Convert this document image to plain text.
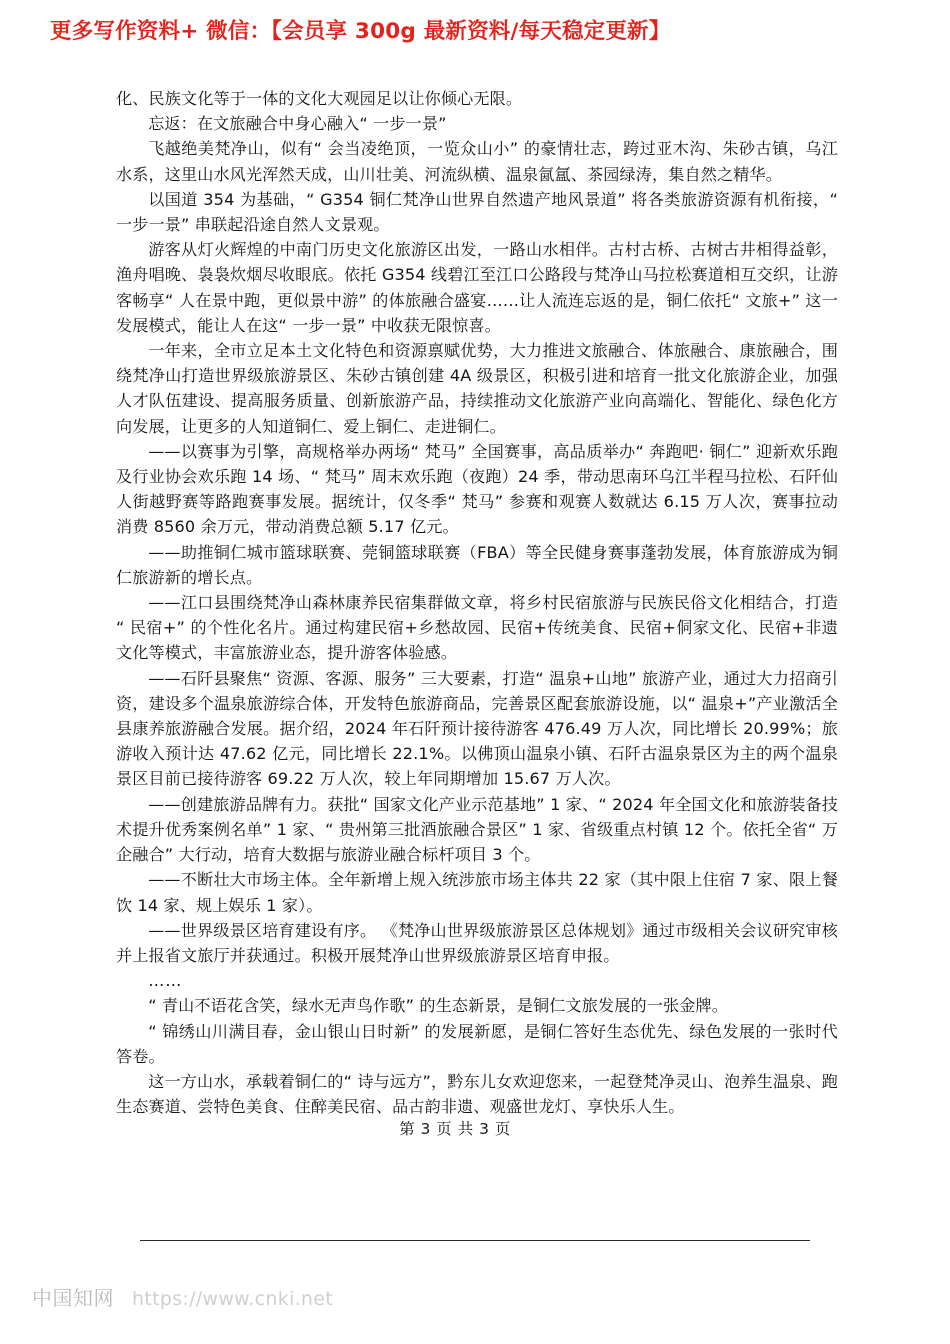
更多写作资料+ 微信：【会员享 300g 最新资料/每天稳定更新】

化、民族文化等于一体的文化大观园足以让你倾心无限。

忘返：在文旅融合中身心融入“ 一步一景”

飞越绝美梵净山，似有“ 会当凌绝顶，一览众山小” 的豪情壮志，跨过亚木沟、朱砂古镇，乌江水系，这里山水风光浑然天成，山川壮美、河流纵横、温泉氤氲、茶园绿涛，集自然之精华。

以国道 354 为基础，“ G354 铜仁梵净山世界自然遗产地风景道” 将各类旅游资源有机衔接，“ 一步一景” 串联起沿途自然人文景观。

游客从灯火辉煌的中南门历史文化旅游区出发，一路山水相伴。古村古桥、古树古井相得益彰，渔舟唱晚、袅袅炊烟尽收眼底。依托 G354 线碧江至江口公路段与梵净山马拉松赛道相互交织，让游客畅享“ 人在景中跑，更似景中游” 的体旅融合盛宴……让人流连忘返的是，铜仁依托“ 文旅+” 这一发展模式，能让人在这“ 一步一景” 中收获无限惊喜。

一年来，全市立足本土文化特色和资源禀赋优势，大力推进文旅融合、体旅融合、康旅融合，围绕梵净山打造世界级旅游景区、朱砂古镇创建 4A 级景区，积极引进和培育一批文化旅游企业，加强人才队伍建设、提高服务质量、创新旅游产品，持续推动文化旅游产业向高端化、智能化、绿色化方向发展，让更多的人知道铜仁、爱上铜仁、走进铜仁。

——以赛事为引擎，高规格举办两场“ 梵马” 全国赛事，高品质举办“ 奔跑吧· 铜仁” 迎新欢乐跑及行业协会欢乐跑 14 场、“ 梵马” 周末欢乐跑（夜跑）24 季，带动思南环乌江半程马拉松、石阡仙人街越野赛等路跑赛事发展。据统计，仅冬季“ 梵马” 参赛和观赛人数就达 6.15 万人次，赛事拉动消费 8560 余万元，带动消费总额 5.17 亿元。

——助推铜仁城市篮球联赛、莞铜篮球联赛（FBA）等全民健身赛事蓬勃发展，体育旅游成为铜仁旅游新的增长点。

——江口县围绕梵净山森林康养民宿集群做文章，将乡村民宿旅游与民族民俗文化相结合，打造“ 民宿+” 的个性化名片。通过构建民宿+乡愁故园、民宿+传统美食、民宿+侗家文化、民宿+非遗文化等模式，丰富旅游业态，提升游客体验感。

——石阡县聚焦“ 资源、客源、服务” 三大要素，打造“ 温泉+山地” 旅游产业，通过大力招商引资，建设多个温泉旅游综合体，开发特色旅游商品，完善景区配套旅游设施，以“ 温泉+”产业激活全县康养旅游融合发展。据介绍，2024 年石阡预计接待游客 476.49 万人次，同比增长 20.99%；旅游收入预计达 47.62 亿元，同比增长 22.1%。以佛顶山温泉小镇、石阡古温泉景区为主的两个温泉景区目前已接待游客 69.22 万人次，较上年同期增加 15.67 万人次。

——创建旅游品牌有力。获批“ 国家文化产业示范基地” 1 家、“ 2024 年全国文化和旅游装备技术提升优秀案例名单” 1 家、“ 贵州第三批酒旅融合景区” 1 家、省级重点村镇 12 个。依托全省“ 万企融合” 大行动，培育大数据与旅游业融合标杆项目 3 个。

——不断壮大市场主体。全年新增上规入统涉旅市场主体共 22 家（其中限上住宿 7 家、限上餐饮 14 家、规上娱乐 1 家）。

——世界级景区培育建设有序。 《梵净山世界级旅游景区总体规划》通过市级相关会议研究审核并上报省文旅厅并获通过。积极开展梵净山世界级旅游景区培育申报。

……

“ 青山不语花含笑，绿水无声鸟作歌” 的生态新景，是铜仁文旅发展的一张金牌。

“ 锦绣山川满目春，金山银山日时新” 的发展新愿，是铜仁答好生态优先、绿色发展的一张时代答卷。

这一方山水，承载着铜仁的“ 诗与远方”，黔东儿女欢迎您来，一起登梵净灵山、泡养生温泉、跑生态赛道、尝特色美食、住醉美民宿、品古韵非遗、观盛世龙灯、享快乐人生。

第 3 页 共 3 页
中国知网 https://www.cnki.net
